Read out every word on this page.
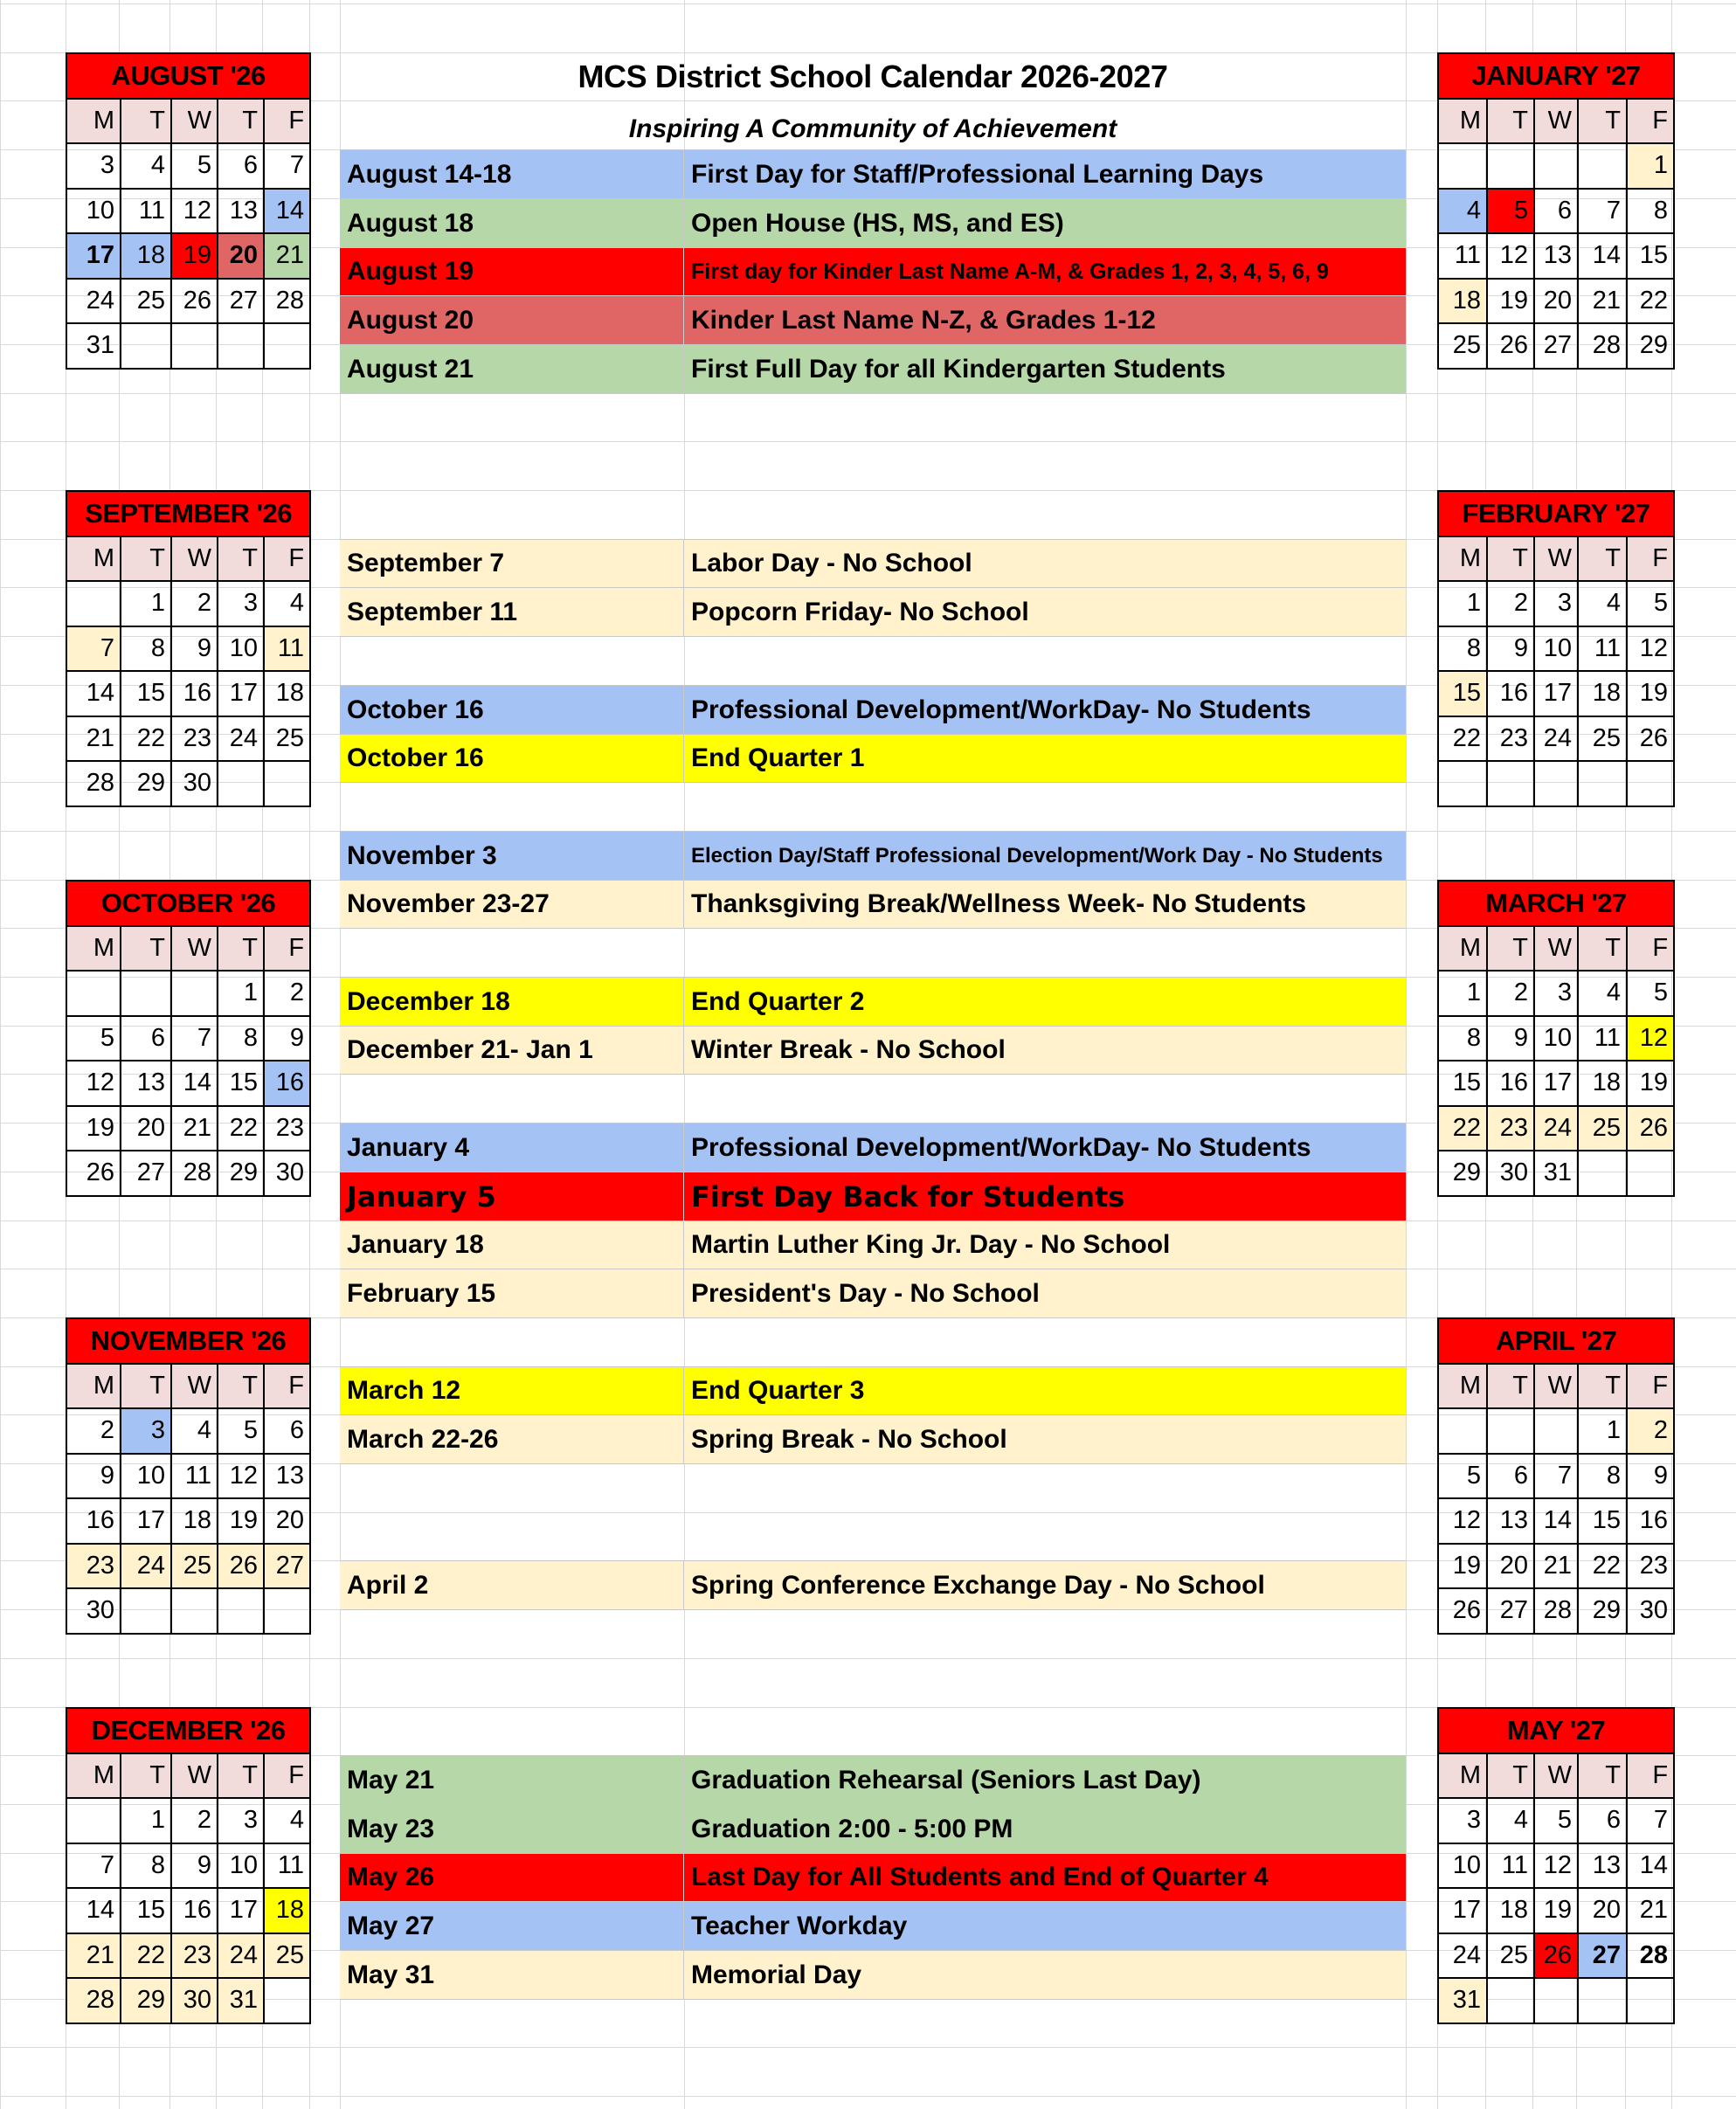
MCS District School Calendar 2026-2027
Inspiring A Community of Achievement
AUGUST '26				
M	T	W	T	F
3	4	5	6	7
10	11	12	13	14
17	18	19	20	21
24	25	26	27	28
31				
SEPTEMBER '26				
M	T	W	T	F
	1	2	3	4
7	8	9	10	11
14	15	16	17	18
21	22	23	24	25
28	29	30		
OCTOBER '26				
M	T	W	T	F
			1	2
5	6	7	8	9
12	13	14	15	16
19	20	21	22	23
26	27	28	29	30
NOVEMBER '26				
M	T	W	T	F
2	3	4	5	6
9	10	11	12	13
16	17	18	19	20
23	24	25	26	27
30				
DECEMBER '26				
M	T	W	T	F
	1	2	3	4
7	8	9	10	11
14	15	16	17	18
21	22	23	24	25
28	29	30	31	
JANUARY '27				
M	T	W	T	F
				1
4	5	6	7	8
11	12	13	14	15
18	19	20	21	22
25	26	27	28	29
FEBRUARY '27				
M	T	W	T	F
1	2	3	4	5
8	9	10	11	12
15	16	17	18	19
22	23	24	25	26

MARCH '27				
M	T	W	T	F
1	2	3	4	5
8	9	10	11	12
15	16	17	18	19
22	23	24	25	26
29	30	31		
APRIL '27				
M	T	W	T	F
			1	2
5	6	7	8	9
12	13	14	15	16
19	20	21	22	23
26	27	28	29	30
MAY '27				
M	T	W	T	F
3	4	5	6	7
10	11	12	13	14
17	18	19	20	21
24	25	26	27	28
31				
August 14-18	First Day for Staff/Professional Learning Days
August 18	Open House (HS, MS, and ES)
August 19	First day for Kinder Last Name A-M, & Grades 1, 2, 3, 4, 5, 6, 9
August 20	Kinder Last Name N-Z, & Grades 1-12
August 21	First Full Day for all Kindergarten Students
September 7	Labor Day - No School
September 11	Popcorn Friday- No School
October 16	Professional Development/WorkDay- No Students
October 16	End Quarter 1
November 3	Election Day/Staff Professional Development/Work Day - No Students
November 23-27	Thanksgiving Break/Wellness Week- No Students
December 18	End Quarter 2
December 21- Jan 1	Winter Break - No School
January 4	Professional Development/WorkDay- No Students
January 5	First Day Back for Students
January 18	Martin Luther King Jr. Day - No School
February 15	President's Day - No School
March 12	End Quarter 3
March 22-26	Spring Break - No School
April 2	Spring Conference Exchange Day - No School
May 21	Graduation Rehearsal (Seniors Last Day)
May 23	Graduation 2:00 - 5:00 PM
May 26	Last Day for All Students and End of Quarter 4
May 27	Teacher Workday
May 31	Memorial Day
